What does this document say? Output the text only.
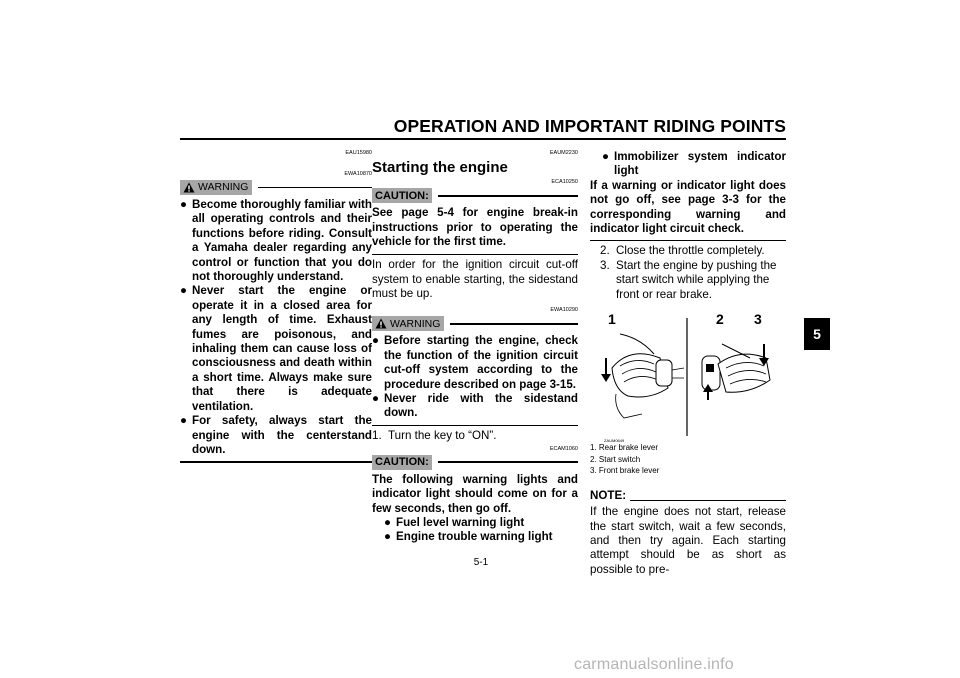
OPERATION AND IMPORTANT RIDING POINTS
5
EAU15980
EWA10870
WARNING
● Become thoroughly familiar with all operating controls and their functions before riding. Consult a Yamaha dealer regarding any control or function that you do not thoroughly understand.
● Never start the engine or operate it in a closed area for any length of time. Exhaust fumes are poisonous, and inhaling them can cause loss of consciousness and death within a short time. Always make sure that there is adequate ventilation.
● For safety, always start the engine with the centerstand down.
EAUM2230
Starting the engine
ECA10250
CAUTION:
See page 5-4 for engine break-in instructions prior to operating the vehicle for the first time.
In order for the ignition circuit cut-off system to enable starting, the sidestand must be up.
EWA10290
WARNING
● Before starting the engine, check the function of the ignition circuit cut-off system according to the procedure described on page 3-15.
● Never ride with the sidestand down.
1. Turn the key to “ON”.
ECAM1060
CAUTION:
The following warning lights and indicator light should come on for a few seconds, then go off.
● Fuel level warning light
● Engine trouble warning light
● Immobilizer system indicator light
If a warning or indicator light does not go off, see page 3-3 for the corresponding warning and indicator light circuit check.
2. Close the throttle completely.
3. Start the engine by pushing the start switch while applying the front or rear brake.
1	2 3
ZAUM0649
1. Rear brake lever
2. Start switch
3. Front brake lever
NOTE:
If the engine does not start, release the start switch, wait a few seconds, and then try again. Each starting attempt should be as short as possible to pre-
5-1
carmanualsonline.info
